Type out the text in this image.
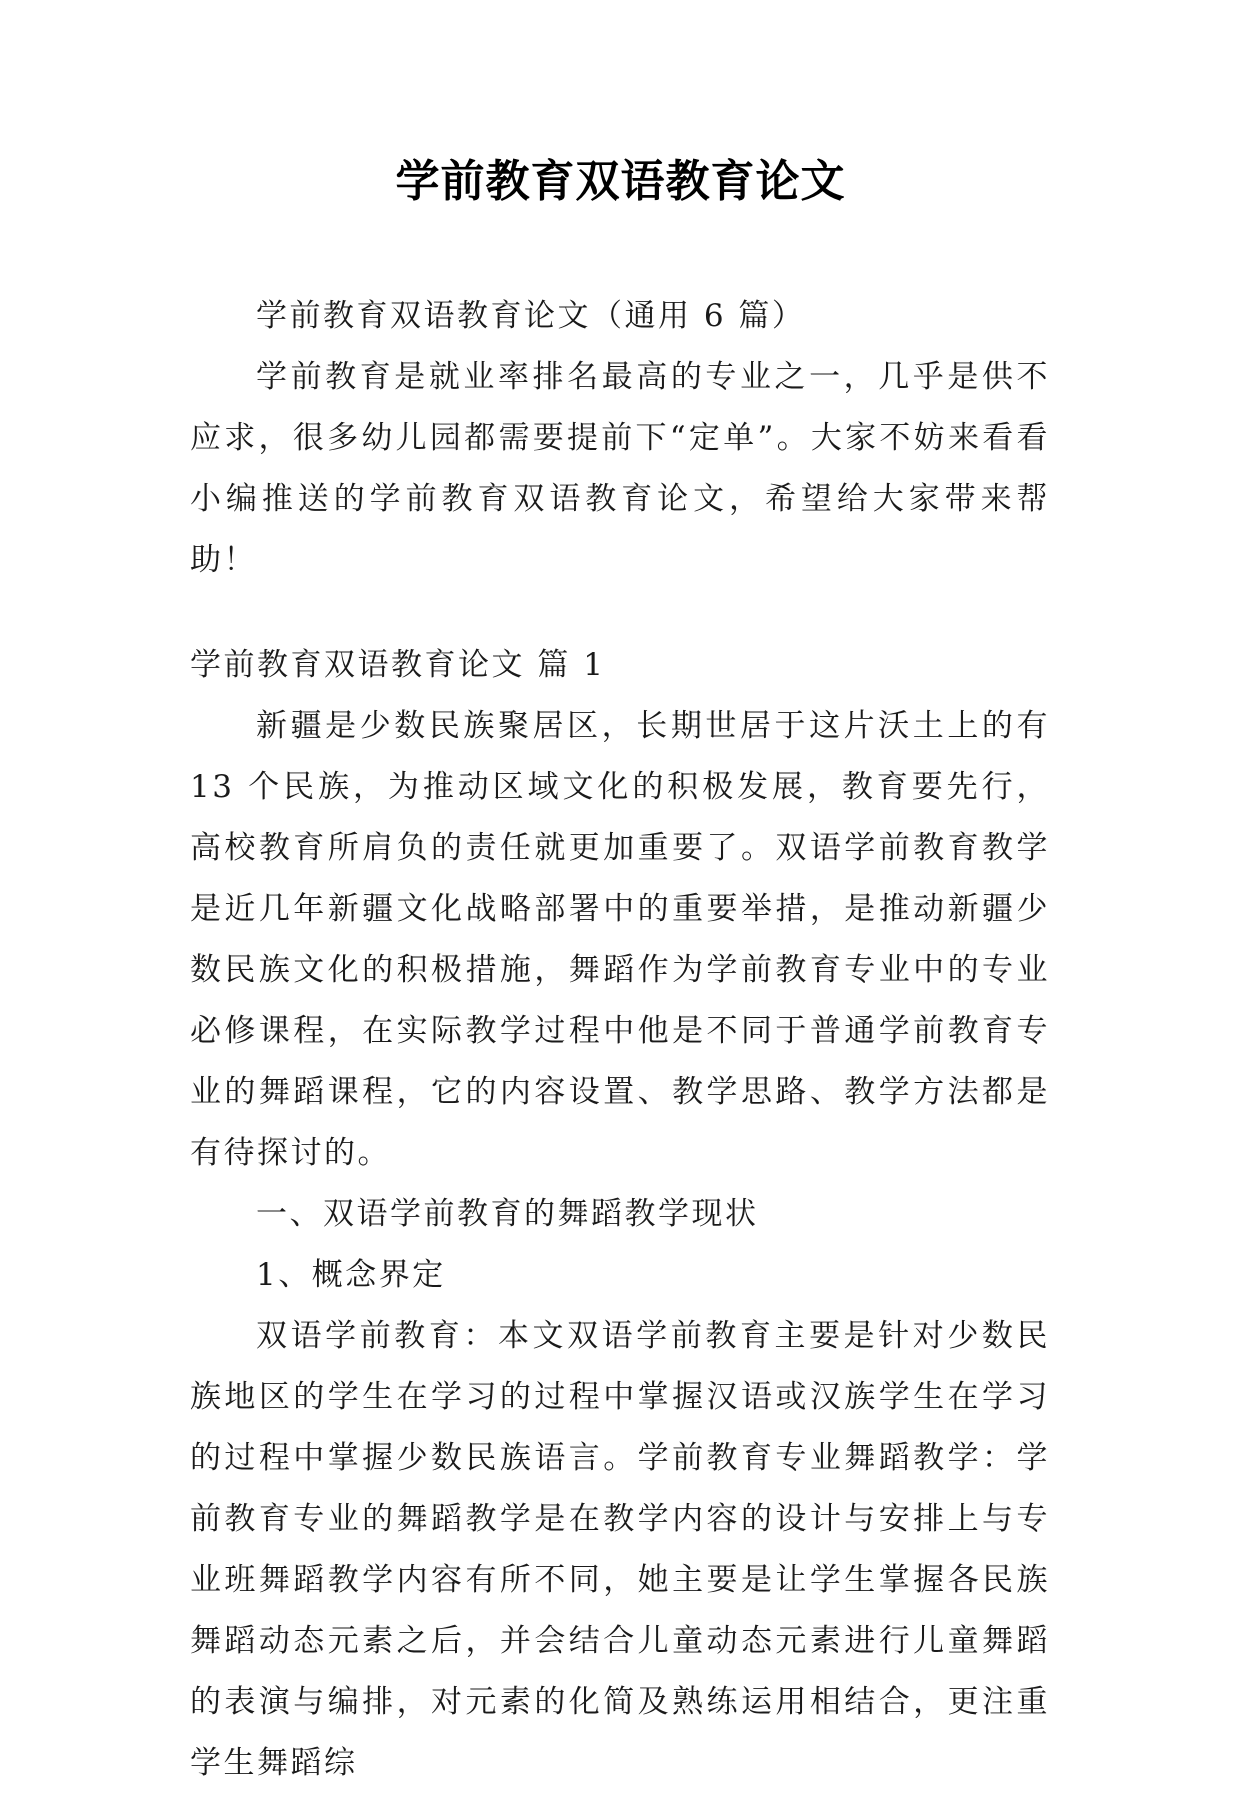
学前教育双语教育论文

学前教育双语教育论文（通用 6 篇）

学前教育是就业率排名最高的专业之一，几乎是供不应求，很多幼儿园都需要提前下“定单”。大家不妨来看看小编推送的学前教育双语教育论文，希望给大家带来帮助！

学前教育双语教育论文 篇 1

新疆是少数民族聚居区，长期世居于这片沃土上的有 13 个民族，为推动区域文化的积极发展，教育要先行，高校教育所肩负的责任就更加重要了。双语学前教育教学是近几年新疆文化战略部署中的重要举措，是推动新疆少数民族文化的积极措施，舞蹈作为学前教育专业中的专业必修课程，在实际教学过程中他是不同于普通学前教育专业的舞蹈课程，它的内容设置、教学思路、教学方法都是有待探讨的。

一、双语学前教育的舞蹈教学现状

1、概念界定

双语学前教育：本文双语学前教育主要是针对少数民族地区的学生在学习的过程中掌握汉语或汉族学生在学习的过程中掌握少数民族语言。学前教育专业舞蹈教学：学前教育专业的舞蹈教学是在教学内容的设计与安排上与专业班舞蹈教学内容有所不同，她主要是让学生掌握各民族舞蹈动态元素之后，并会结合儿童动态元素进行儿童舞蹈的表演与编排，对元素的化简及熟练运用相结合，更注重学生舞蹈综
